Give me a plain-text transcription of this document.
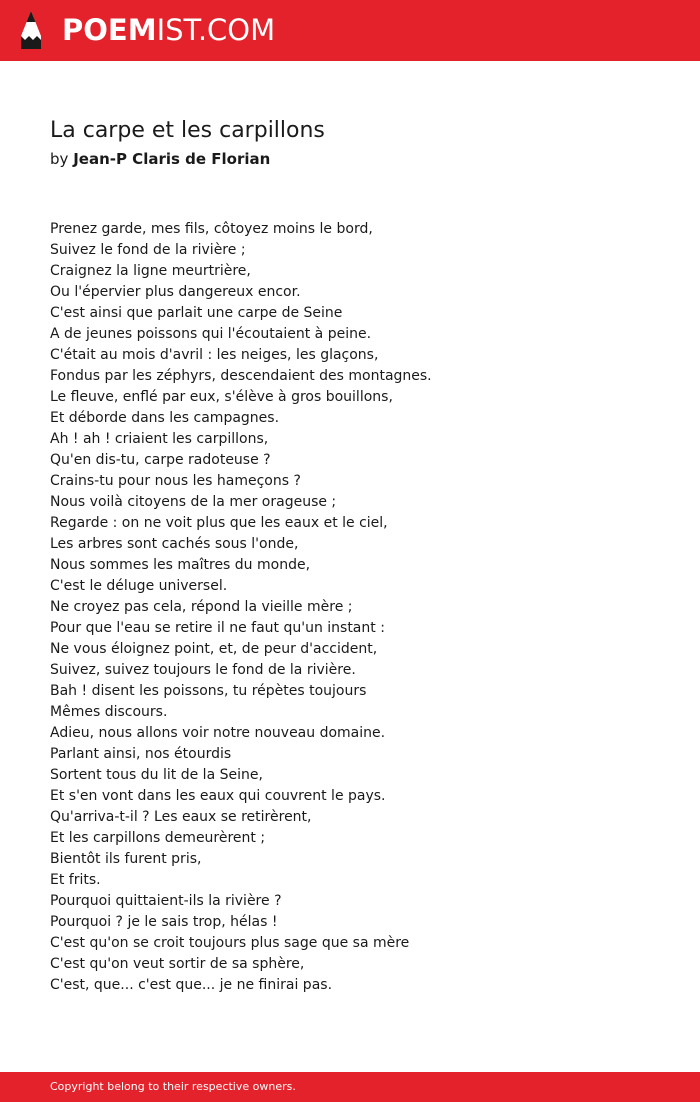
POEMIST.COM
La carpe et les carpillons
by Jean-P Claris de Florian
Prenez garde, mes fils, côtoyez moins le bord,
Suivez le fond de la rivière ;
Craignez la ligne meurtrière,
Ou l'épervier plus dangereux encor.
C'est ainsi que parlait une carpe de Seine
A de jeunes poissons qui l'écoutaient à peine.
C'était au mois d'avril : les neiges, les glaçons,
Fondus par les zéphyrs, descendaient des montagnes.
Le fleuve, enflé par eux, s'élève à gros bouillons,
Et déborde dans les campagnes.
Ah ! ah ! criaient les carpillons,
Qu'en dis-tu, carpe radoteuse ?
Crains-tu pour nous les hameçons ?
Nous voilà citoyens de la mer orageuse ;
Regarde : on ne voit plus que les eaux et le ciel,
Les arbres sont cachés sous l'onde,
Nous sommes les maîtres du monde,
C'est le déluge universel.
Ne croyez pas cela, répond la vieille mère ;
Pour que l'eau se retire il ne faut qu'un instant :
Ne vous éloignez point, et, de peur d'accident,
Suivez, suivez toujours le fond de la rivière.
Bah ! disent les poissons, tu répètes toujours
Mêmes discours.
Adieu, nous allons voir notre nouveau domaine.
Parlant ainsi, nos étourdis
Sortent tous du lit de la Seine,
Et s'en vont dans les eaux qui couvrent le pays.
Qu'arriva-t-il ? Les eaux se retirèrent,
Et les carpillons demeurèrent ;
Bientôt ils furent pris,
Et frits.
Pourquoi quittaient-ils la rivière ?
Pourquoi ? je le sais trop, hélas !
C'est qu'on se croit toujours plus sage que sa mère
C'est qu'on veut sortir de sa sphère,
C'est, que... c'est que... je ne finirai pas.
Copyright belong to their respective owners.
